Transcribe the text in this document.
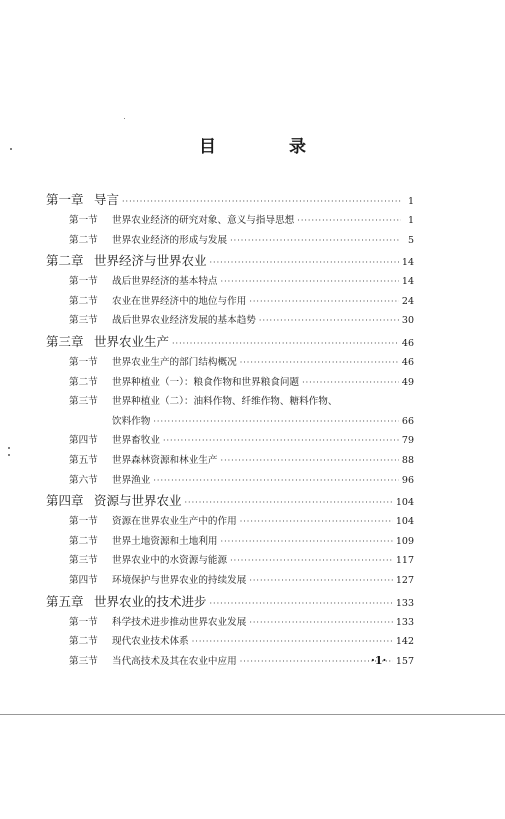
目　录
第一章 导言 ·····	1
第一节	世界农业经济的研究对象、意义与指导思想 ·····	1
第二节	世界农业经济的形成与发展 ·····	5
第二章 世界经济与世界农业 ·····	14
第一节	战后世界经济的基本特点 ·····	14
第二节	农业在世界经济中的地位与作用 ·····	24
第三节	战后世界农业经济发展的基本趋势 ·····	30
第三章 世界农业生产 ·····	46
第一节	世界农业生产的部门结构概况 ·····	46
第二节	世界种植业（一）：粮食作物和世界粮食问题 ·····	49
第三节	世界种植业（二）：油料作物、纤维作物、糖料作物、
饮料作物 ·····	66
第四节	世界畜牧业 ·····	79
第五节	世界森林资源和林业生产 ·····	88
第六节	世界渔业 ·····	96
第四章 资源与世界农业 ·····	104
第一节	资源在世界农业生产中的作用 ·····	104
第二节	世界土地资源和土地利用 ·····	109
第三节	世界农业中的水资源与能源 ·····	117
第四节	环境保护与世界农业的持续发展 ·····	127
第五章 世界农业的技术进步 ·····	133
第一节	科学技术进步推动世界农业发展 ·····	133
第二节	现代农业技术体系 ·····	142
第三节	当代高技术及其在农业中应用 ·····	157
·1·
